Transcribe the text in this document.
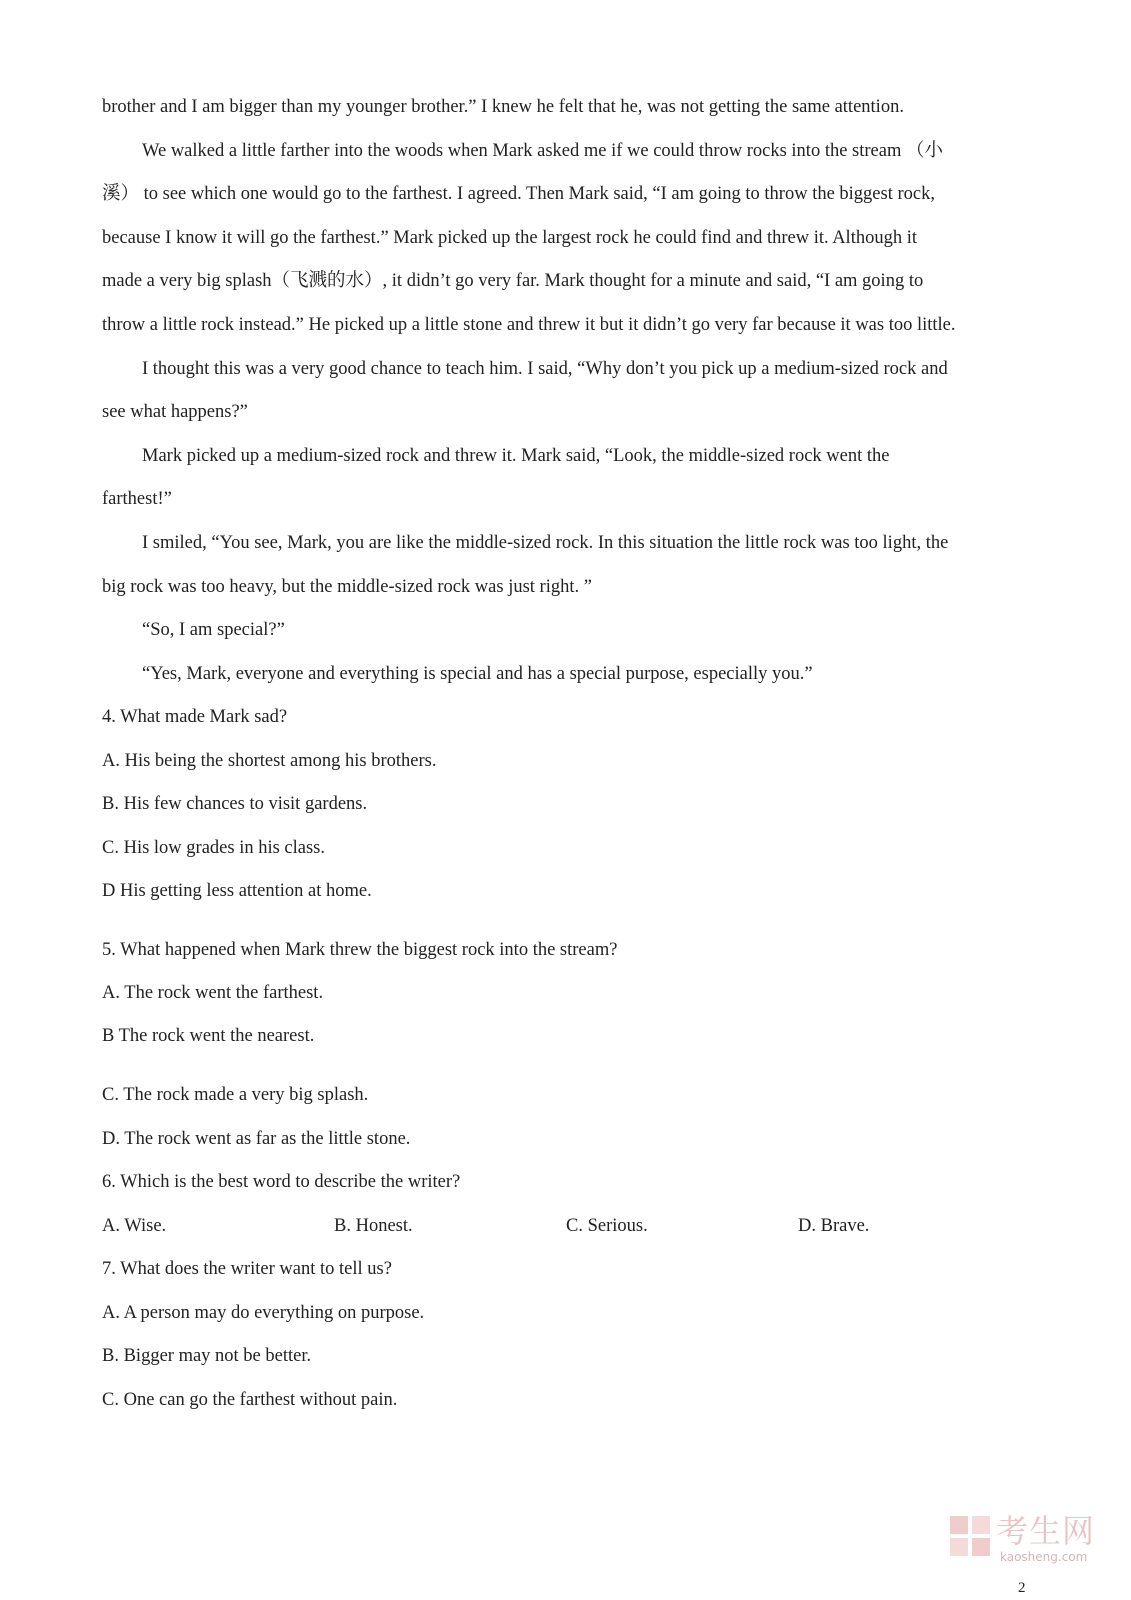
brother and I am bigger than my younger brother.” I knew he felt that he, was not getting the same attention.
We walked a little farther into the woods when Mark asked me if we could throw rocks into the stream （小
溪） to see which one would go to the farthest. I agreed. Then Mark said, “I am going to throw the biggest rock,
because I know it will go the farthest.” Mark picked up the largest rock he could find and threw it. Although it
made a very big splash（飞溅的水）, it didn’t go very far. Mark thought for a minute and said, “I am going to
throw a little rock instead.” He picked up a little stone and threw it but it didn’t go very far because it was too little.
I thought this was a very good chance to teach him. I said, “Why don’t you pick up a medium-sized rock and
see what happens?”
Mark picked up a medium-sized rock and threw it. Mark said, “Look, the middle-sized rock went the
farthest!”
I smiled, “You see, Mark, you are like the middle-sized rock. In this situation the little rock was too light, the
big rock was too heavy, but the middle-sized rock was just right. ”
“So, I am special?”
“Yes, Mark, everyone and everything is special and has a special purpose, especially you.”
4. What made Mark sad?
A. His being the shortest among his brothers.
B. His few chances to visit gardens.
C. His low grades in his class.
D His getting less attention at home.
5. What happened when Mark threw the biggest rock into the stream?
A. The rock went the farthest.
B The rock went the nearest.
C. The rock made a very big splash.
D. The rock went as far as the little stone.
6. Which is the best word to describe the writer?
A. Wise.	B. Honest.	C. Serious.	D. Brave.
7. What does the writer want to tell us?
A. A person may do everything on purpose.
B. Bigger may not be better.
C. One can go the farthest without pain.
考生网
kaosheng.com
2
